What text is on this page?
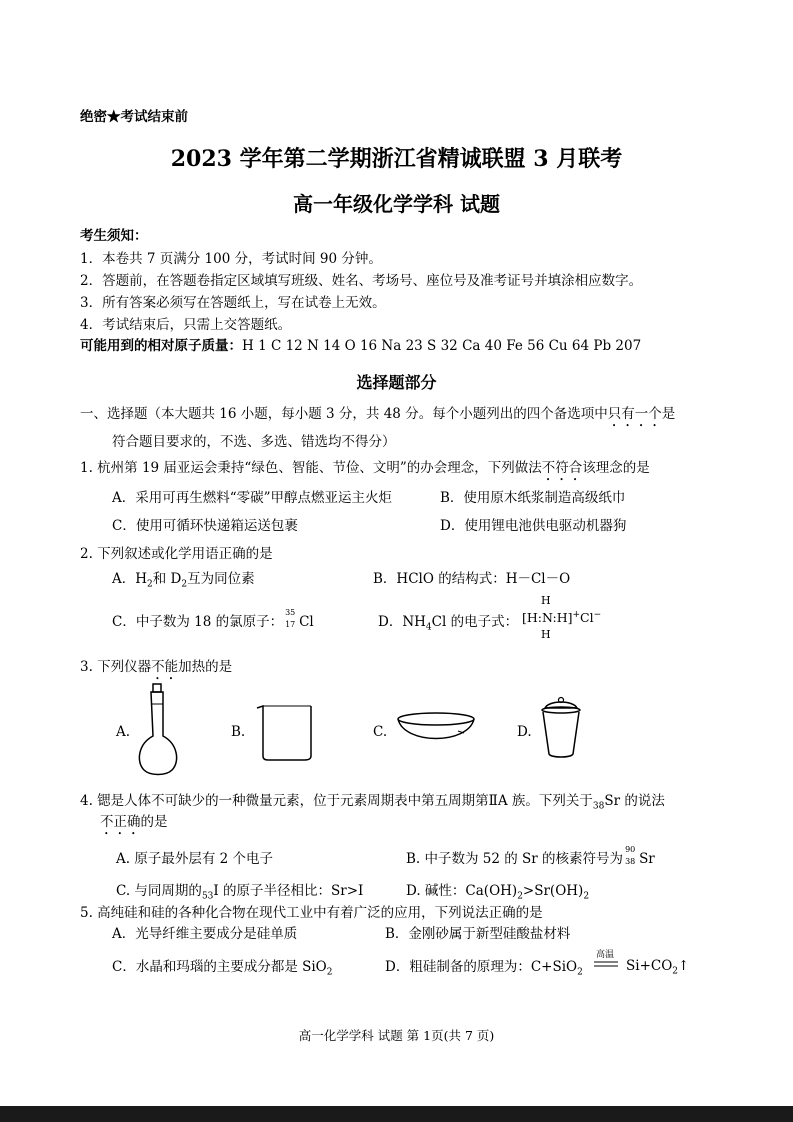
绝密★考试结束前
2023 学年第二学期浙江省精诚联盟 3 月联考
高一年级化学学科 试题
考生须知：
1．本卷共 7 页满分 100 分，考试时间 90 分钟。
2．答题前，在答题卷指定区域填写班级、姓名、考场号、座位号及准考证号并填涂相应数字。
3．所有答案必须写在答题纸上，写在试卷上无效。
4．考试结束后，只需上交答题纸。
可能用到的相对原子质量：H 1 C 12 N 14 O 16 Na 23 S 32 Ca 40 Fe 56 Cu 64 Pb 207
选择题部分
一、选择题（本大题共 16 小题，每小题 3 分，共 48 分。每个小题列出的四个备选项中只有一个是
符合题目要求的，不选、多选、错选均不得分）
1. 杭州第 19 届亚运会秉持“绿色、智能、节俭、文明”的办会理念，下列做法不符合该理念的是
A．采用可再生燃料“零碳”甲醇点燃亚运主火炬	B．使用原木纸浆制造高级纸巾
C．使用可循环快递箱运送包裹	D．使用锂电池供电驱动机器狗
2. 下列叙述或化学用语正确的是
A．$H_2$和 $D_2$互为同位素	B．HClO 的结构式：H－Cl－O
C．中子数为 18 的氯原子：
35
17 Cl	D．$NH_4Cl$ 的电子式：
H
[H:N:H]+Cl−
H
3. 下列仪器不能加热的是
A.	B.	C.	D.
4. 锶是人体不可缺少的一种微量元素，位于元素周期表中第五周期第ⅡA 族。下列关于$_{38}$Sr 的说法
不正确的是
A. 原子最外层有 2 个电子	B. 中子数为 52 的 Sr 的核素符号为
90
38 Sr
C. 与同周期的$_{53}$I 的原子半径相比：Sr>I	D. 碱性：$Ca(OH)_2>Sr(OH)_2$
5. 高纯硅和硅的各种化合物在现代工业中有着广泛的应用，下列说法正确的是
A．光导纤维主要成分是硅单质	B．金刚砂属于新型硅酸盐材料
C．水晶和玛瑙的主要成分都是 SiO$_2$	D．粗硅制备的原理为：C+SiO$_2$
高温
$Si+CO_2↑$
高一化学学科 试题 第 1页(共 7 页)
